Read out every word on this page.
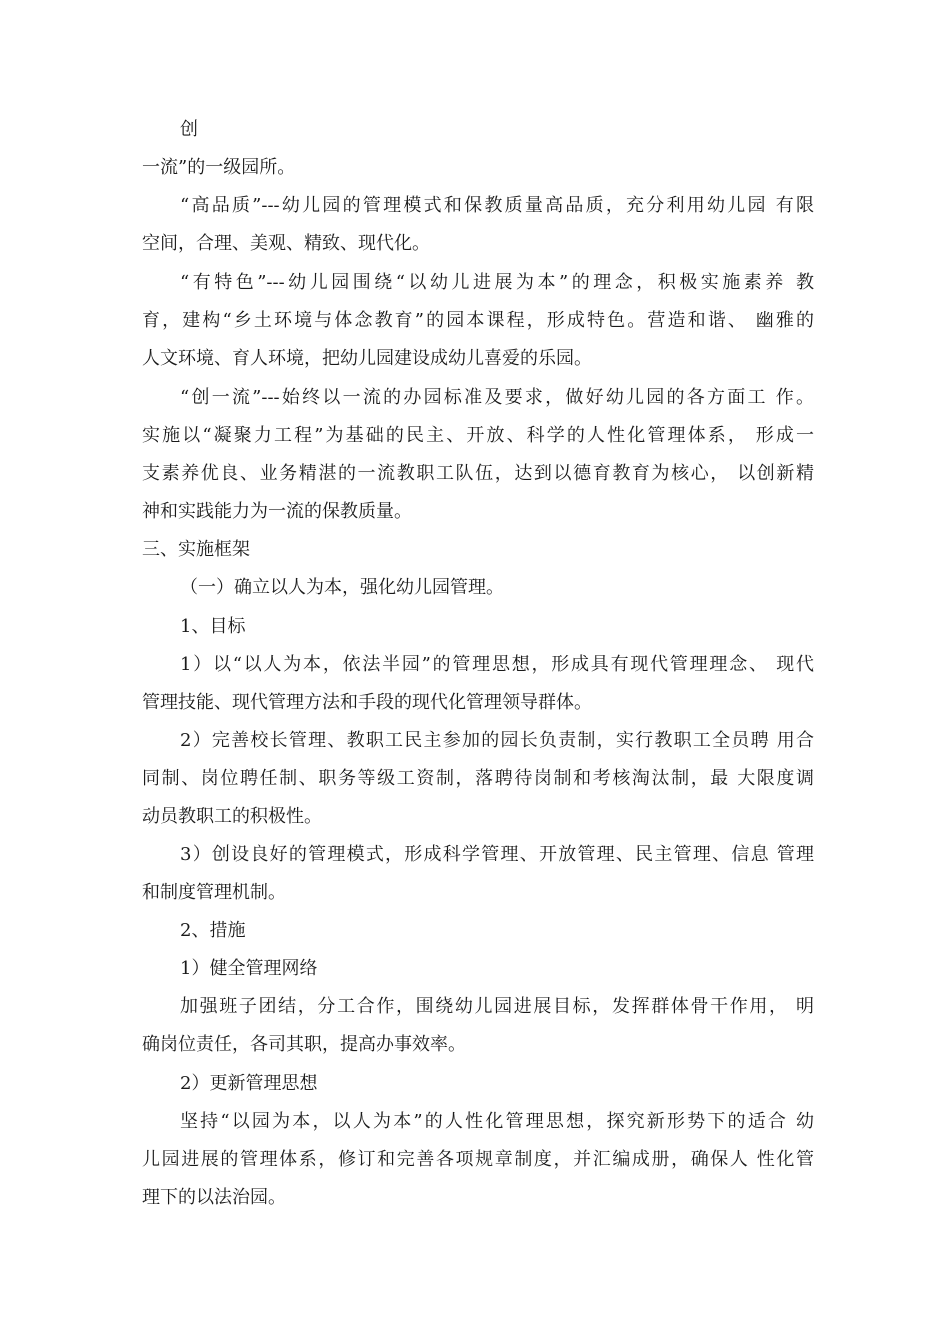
创
一流”的一级园所。
“高品质”---幼儿园的管理模式和保教质量高品质，充分利用幼儿园 有限
空间，合理、美观、精致、现代化。
“有特色”---幼儿园围绕“以幼儿进展为本”的理念，积极实施素养 教
育，建构“乡土环境与体念教育”的园本课程，形成特色。营造和谐、 幽雅的
人文环境、育人环境，把幼儿园建设成幼儿喜爱的乐园。
“创一流”---始终以一流的办园标准及要求，做好幼儿园的各方面工 作。
实施以“凝聚力工程”为基础的民主、开放、科学的人性化管理体系， 形成一
支素养优良、业务精湛的一流教职工队伍，达到以德育教育为核心， 以创新精
神和实践能力为一流的保教质量。
三、实施框架
（一）确立以人为本，强化幼儿园管理。
1、目标
1）以“以人为本，依法半园”的管理思想，形成具有现代管理理念、 现代
管理技能、现代管理方法和手段的现代化管理领导群体。
2）完善校长管理、教职工民主参加的园长负责制，实行教职工全员聘 用合
同制、岗位聘任制、职务等级工资制，落聘待岗制和考核淘汰制，最 大限度调
动员教职工的积极性。
3）创设良好的管理模式，形成科学管理、开放管理、民主管理、信息 管理
和制度管理机制。
2、措施
1）健全管理网络
加强班子团结，分工合作，围绕幼儿园进展目标，发挥群体骨干作用， 明
确岗位责任，各司其职，提高办事效率。
2）更新管理思想
坚持“以园为本，以人为本”的人性化管理思想，探究新形势下的适合 幼
儿园进展的管理体系，修订和完善各项规章制度，并汇编成册，确保人 性化管
理下的以法治园。
